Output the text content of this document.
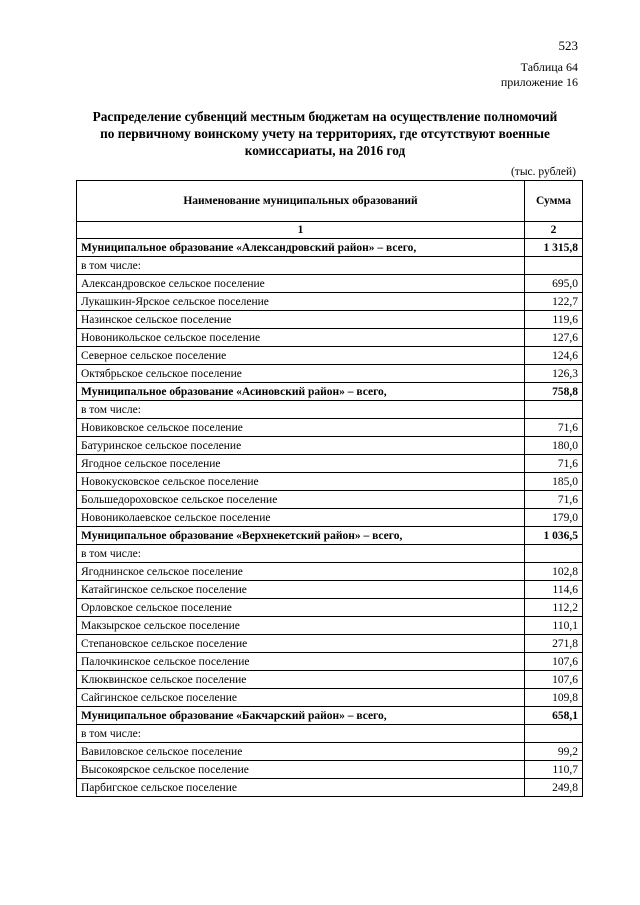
523
Таблица 64
приложение 16
Распределение субвенций местным бюджетам на осуществление полномочий
по первичному воинскому учету на территориях, где отсутствуют военные
комиссариаты, на 2016 год
(тыс. рублей)
Наименование муниципальных образований	Сумма
1	2
Муниципальное образование «Александровский район» – всего,	1 315,8
в том числе:	
Александровское сельское поселение	695,0
Лукашкин-Ярское сельское поселение	122,7
Назинское сельское поселение	119,6
Новоникольское сельское поселение	127,6
Северное сельское поселение	124,6
Октябрьское сельское поселение	126,3
Муниципальное образование «Асиновский район» – всего,	758,8
в том числе:	
Новиковское сельское поселение	71,6
Батуринское сельское поселение	180,0
Ягодное сельское поселение	71,6
Новокусковское сельское поселение	185,0
Большедороховское сельское поселение	71,6
Новониколаевское сельское поселение	179,0
Муниципальное образование «Верхнекетский район» – всего,	1 036,5
в том числе:	
Ягоднинское сельское поселение	102,8
Катайгинское сельское поселение	114,6
Орловское сельское поселение	112,2
Макзырское сельское поселение	110,1
Степановское сельское поселение	271,8
Палочкинское сельское поселение	107,6
Клюквинское сельское поселение	107,6
Сайгинское сельское поселение	109,8
Муниципальное образование «Бакчарский район» – всего,	658,1
в том числе:	
Вавиловское сельское поселение	99,2
Высокоярское сельское поселение	110,7
Парбигское сельское поселение	249,8
